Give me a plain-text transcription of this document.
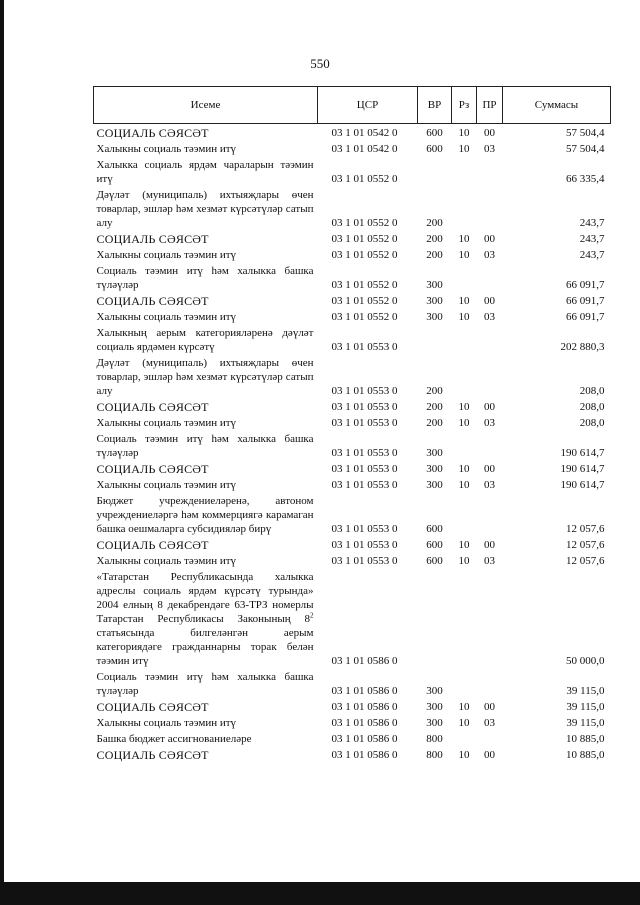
550
Исеме	ЦСР	ВР	Рз	ПР	Суммасы
СОЦИАЛЬ СӘЯСӘТ	03 1 01 0542 0	600	10	00	57 504,4
Халыкны социаль тәэмин итү	03 1 01 0542 0	600	10	03	57 504,4
Халыкка социаль ярдәм чараларын тәэмин итү	03 1 01 0552 0				66 335,4
Дәүләт (муниципаль) ихтыяҗлары өчен товарлар, эшләр һәм хезмәт күрсәтүләр сатып алу	03 1 01 0552 0	200			243,7
СОЦИАЛЬ СӘЯСӘТ	03 1 01 0552 0	200	10	00	243,7
Халыкны социаль тәэмин итү	03 1 01 0552 0	200	10	03	243,7
Социаль тәэмин итү һәм халыкка башка түләүләр	03 1 01 0552 0	300			66 091,7
СОЦИАЛЬ СӘЯСӘТ	03 1 01 0552 0	300	10	00	66 091,7
Халыкны социаль тәэмин итү	03 1 01 0552 0	300	10	03	66 091,7
Халыкның аерым категорияләренә дәүләт социаль ярдәмен күрсәтү	03 1 01 0553 0				202 880,3
Дәүләт (муниципаль) ихтыяҗлары өчен товарлар, эшләр һәм хезмәт күрсәтүләр сатып алу	03 1 01 0553 0	200			208,0
СОЦИАЛЬ СӘЯСӘТ	03 1 01 0553 0	200	10	00	208,0
Халыкны социаль тәэмин итү	03 1 01 0553 0	200	10	03	208,0
Социаль тәэмин итү һәм халыкка башка түләүләр	03 1 01 0553 0	300			190 614,7
СОЦИАЛЬ СӘЯСӘТ	03 1 01 0553 0	300	10	00	190 614,7
Халыкны социаль тәэмин итү	03 1 01 0553 0	300	10	03	190 614,7
Бюджет учреждениеләренә, автоном учреждениеләргә һәм коммерциягә карамаган башка оешмаларга субсидияләр бирү	03 1 01 0553 0	600			12 057,6
СОЦИАЛЬ СӘЯСӘТ	03 1 01 0553 0	600	10	00	12 057,6
Халыкны социаль тәэмин итү	03 1 01 0553 0	600	10	03	12 057,6
«Татарстан Республикасында халыкка адреслы социаль ярдәм күрсәтү турында» 2004 елның 8 декабрендәге 63-ТРЗ номерлы Татарстан Республикасы Законының $8^2$ статьясында билгеләнгән аерым категориядәге гражданнарны торак белән тәэмин итү	03 1 01 0586 0				50 000,0
Социаль тәэмин итү һәм халыкка башка түләүләр	03 1 01 0586 0	300			39 115,0
СОЦИАЛЬ СӘЯСӘТ	03 1 01 0586 0	300	10	00	39 115,0
Халыкны социаль тәэмин итү	03 1 01 0586 0	300	10	03	39 115,0
Башка бюджет ассигнованиеләре	03 1 01 0586 0	800			10 885,0
СОЦИАЛЬ СӘЯСӘТ	03 1 01 0586 0	800	10	00	10 885,0
